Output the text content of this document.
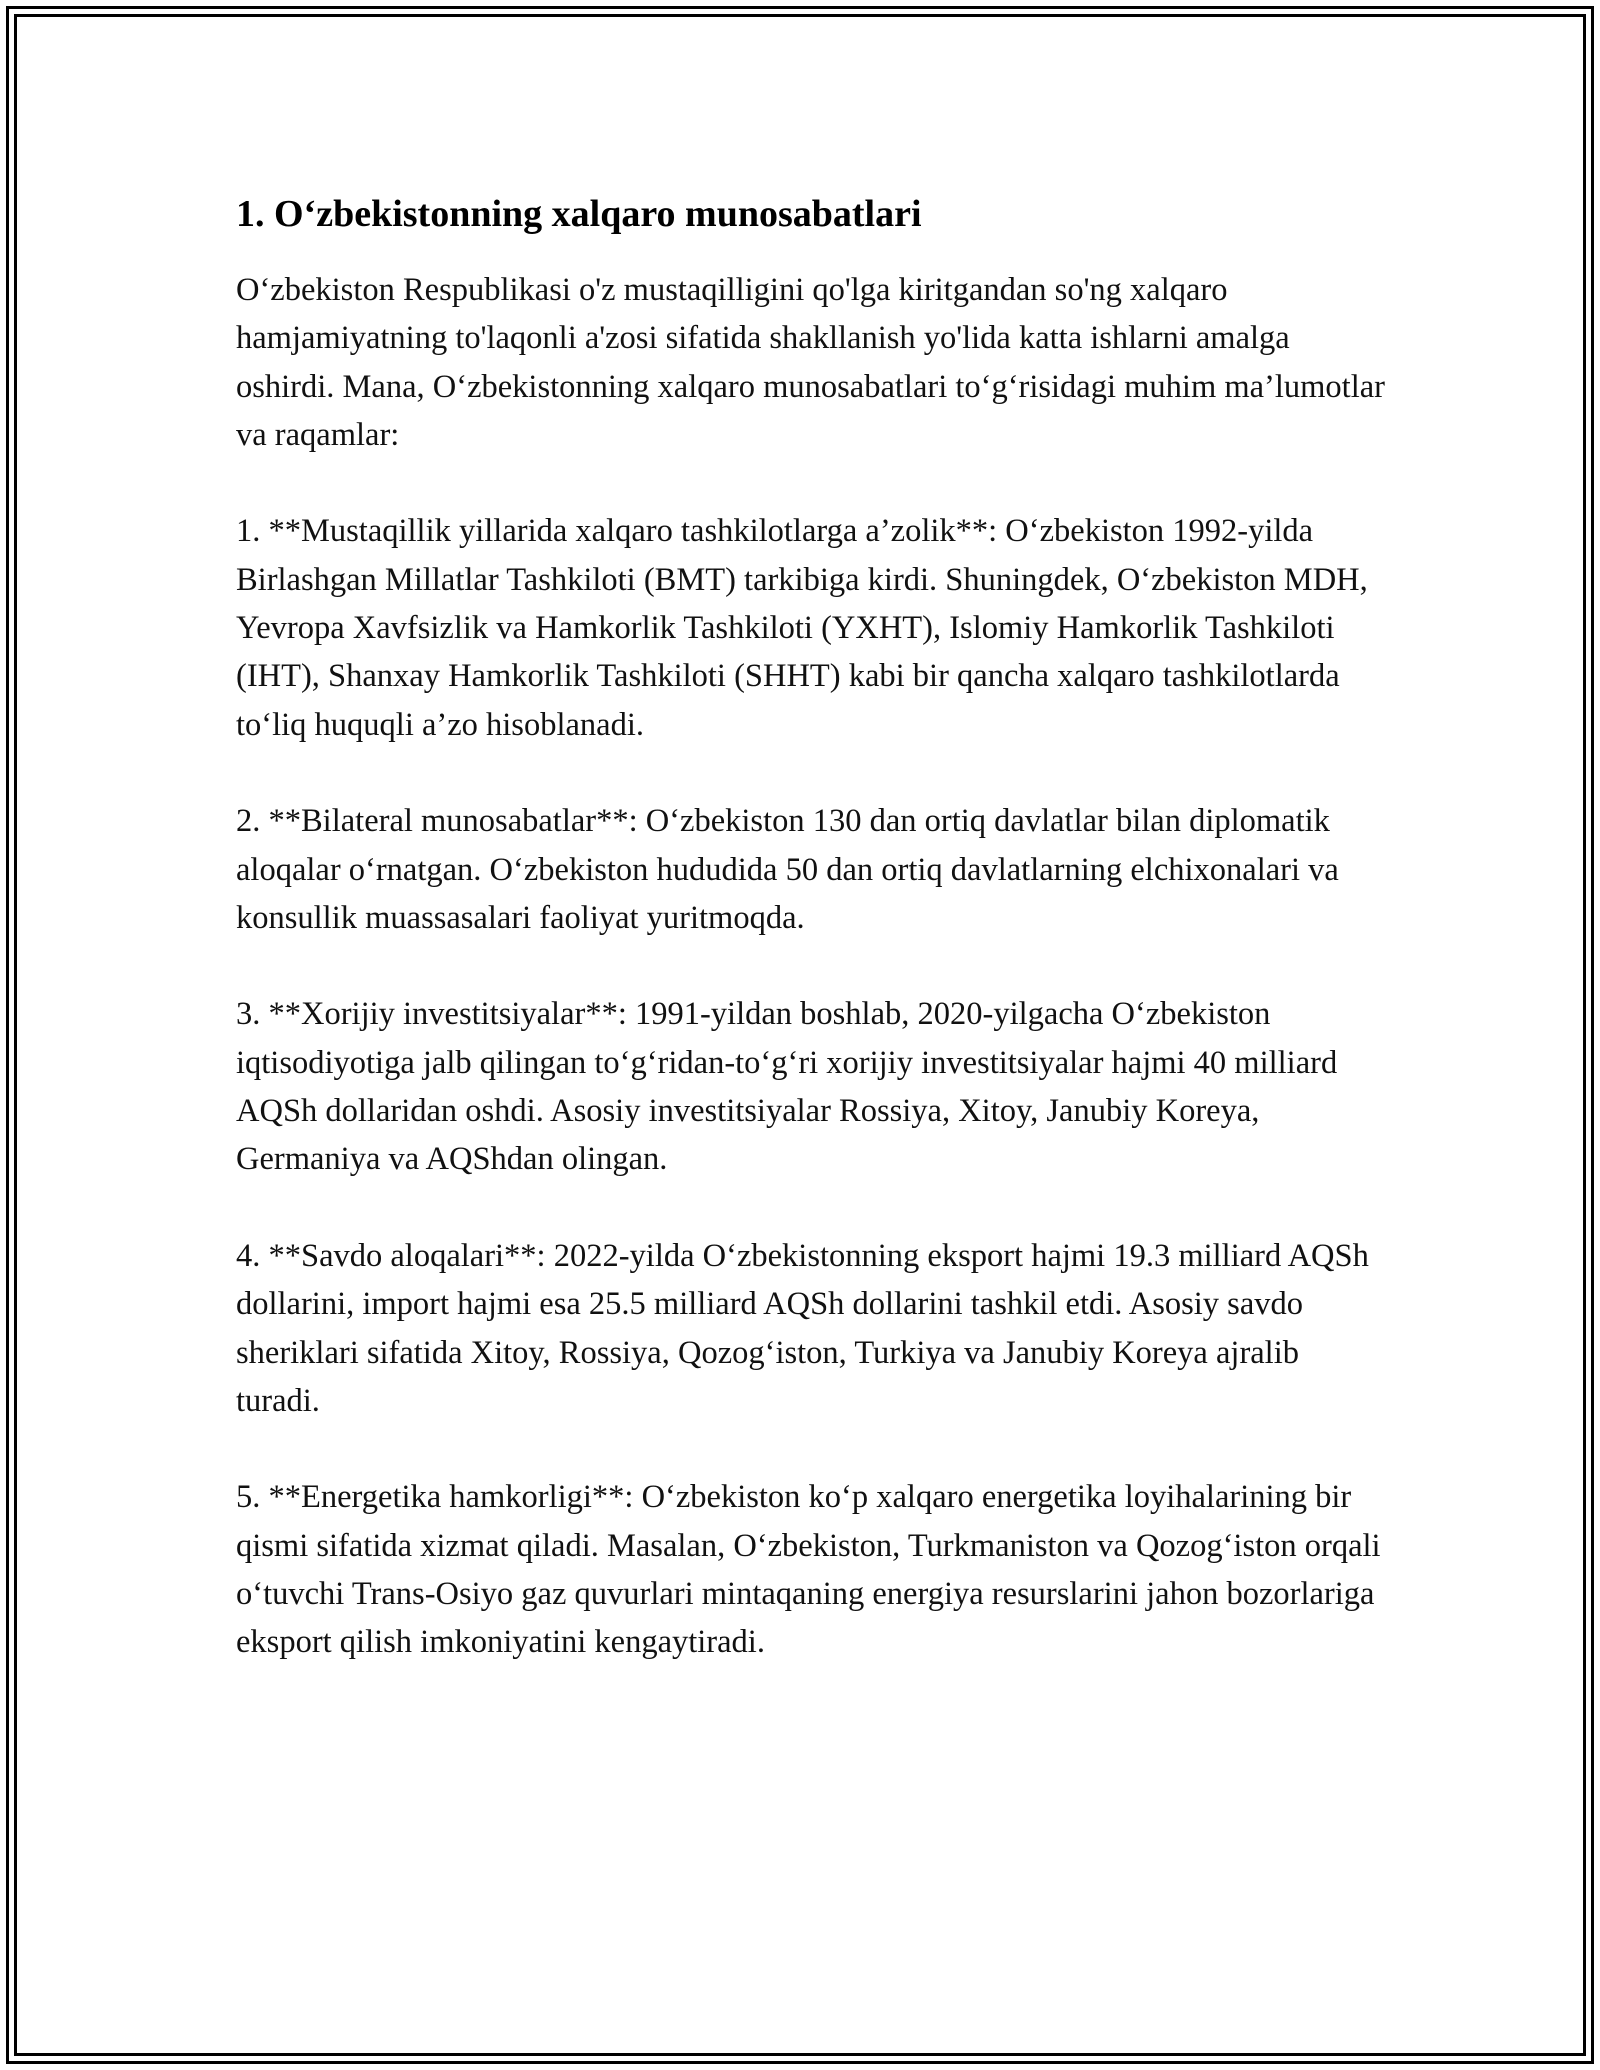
1. O‘zbekistonning xalqaro munosabatlari

O‘zbekiston Respublikasi o'z mustaqilligini qo'lga kiritgandan so'ng xalqaro hamjamiyatning to'laqonli a'zosi sifatida shakllanish yo'lida katta ishlarni amalga oshirdi. Mana, O‘zbekistonning xalqaro munosabatlari to‘g‘risidagi muhim ma’lumotlar va raqamlar:

1. **Mustaqillik yillarida xalqaro tashkilotlarga a’zolik**: O‘zbekiston 1992-yilda Birlashgan Millatlar Tashkiloti (BMT) tarkibiga kirdi. Shuningdek, O‘zbekiston MDH, Yevropa Xavfsizlik va Hamkorlik Tashkiloti (YXHT), Islomiy Hamkorlik Tashkiloti (IHT), Shanxay Hamkorlik Tashkiloti (SHHT) kabi bir qancha xalqaro tashkilotlarda to‘liq huquqli a’zo hisoblanadi.

2. **Bilateral munosabatlar**: O‘zbekiston 130 dan ortiq davlatlar bilan diplomatik aloqalar o‘rnatgan. O‘zbekiston hududida 50 dan ortiq davlatlarning elchixonalari va konsullik muassasalari faoliyat yuritmoqda.

3. **Xorijiy investitsiyalar**: 1991-yildan boshlab, 2020-yilgacha O‘zbekiston iqtisodiyotiga jalb qilingan to‘g‘ridan-to‘g‘ri xorijiy investitsiyalar hajmi 40 milliard AQSh dollaridan oshdi. Asosiy investitsiyalar Rossiya, Xitoy, Janubiy Koreya, Germaniya va AQShdan olingan.

4. **Savdo aloqalari**: 2022-yilda O‘zbekistonning eksport hajmi 19.3 milliard AQSh dollarini, import hajmi esa 25.5 milliard AQSh dollarini tashkil etdi. Asosiy savdo sheriklari sifatida Xitoy, Rossiya, Qozog‘iston, Turkiya va Janubiy Koreya ajralib turadi.

5. **Energetika hamkorligi**: O‘zbekiston ko‘p xalqaro energetika loyihalarining bir qismi sifatida xizmat qiladi. Masalan, O‘zbekiston, Turkmaniston va Qozog‘iston orqali o‘tuvchi Trans-Osiyo gaz quvurlari mintaqaning energiya resurslarini jahon bozorlariga eksport qilish imkoniyatini kengaytiradi.
